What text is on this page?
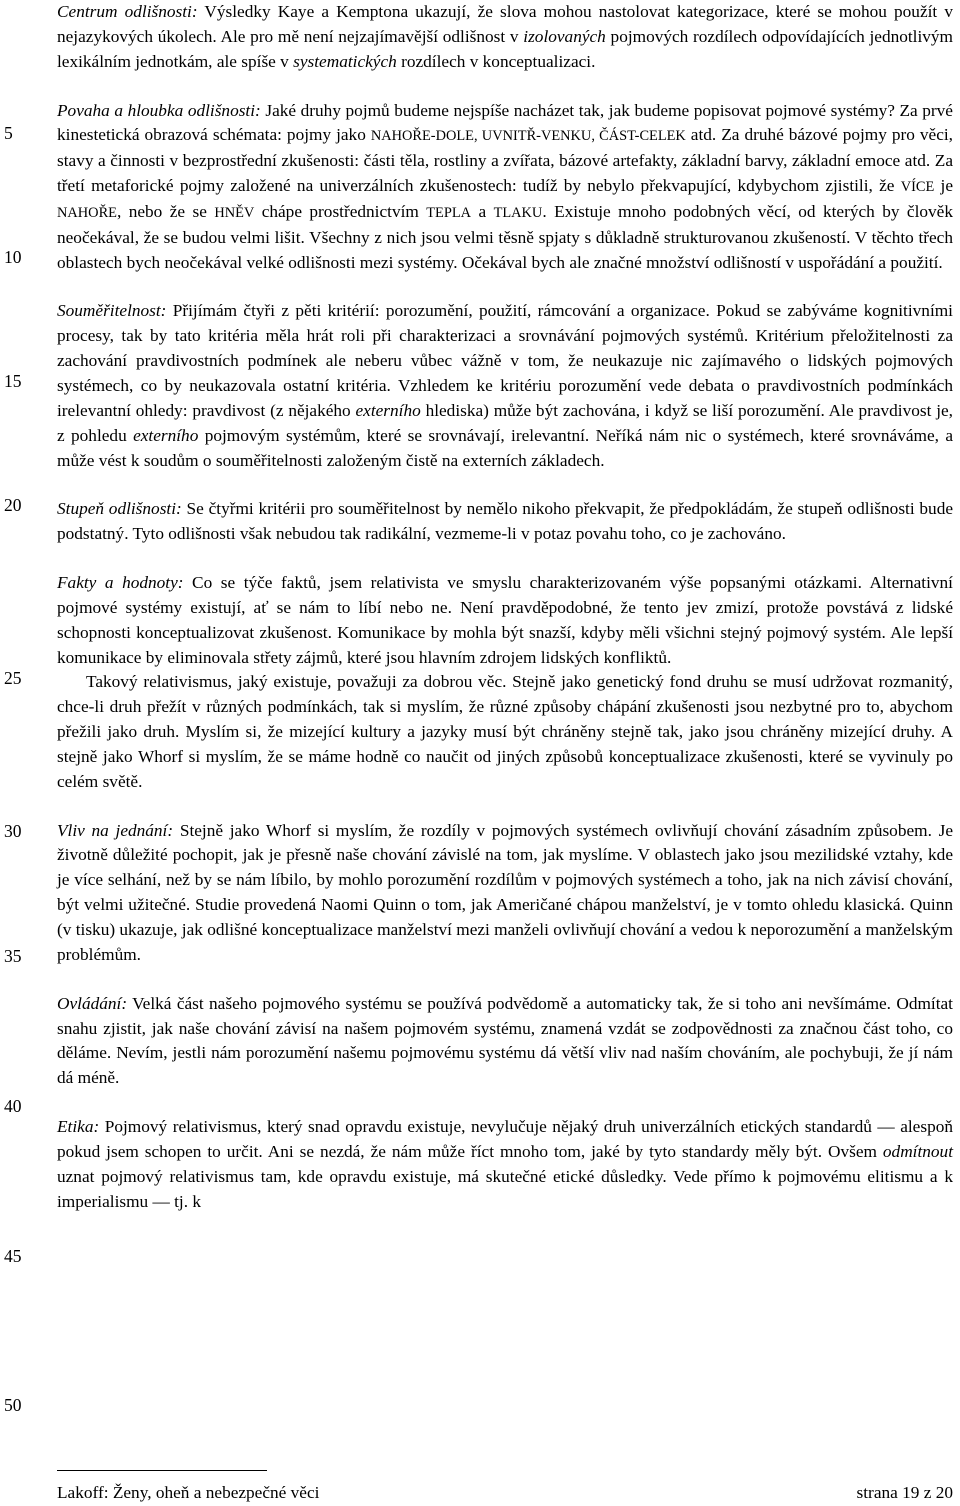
5
10
15
20
25
30
35
40
45
50

Centrum odlišnosti: Výsledky Kaye a Kemptona ukazují, že slova mohou nastolovat kategorizace, které se mohou použít v nejazykových úkolech. Ale pro mě není nejzajímavější odlišnost v izolovaných pojmových rozdílech odpovídajících jednotlivým lexikálním jednotkám, ale spíše v systematických rozdílech v konceptualizaci.

Povaha a hloubka odlišnosti: Jaké druhy pojmů budeme nejspíše nacházet tak, jak budeme popisovat pojmové systémy? Za prvé kinestetická obrazová schémata: pojmy jako NAHOŘE-DOLE, UVNITŘ-VENKU, ČÁST-CELEK atd. Za druhé bázové pojmy pro věci, stavy a činnosti v bezprostřední zkušenosti: části těla, rostliny a zvířata, bázové artefakty, základní barvy, základní emoce atd. Za třetí metaforické pojmy založené na univerzálních zkušenostech: tudíž by nebylo překvapující, kdybychom zjistili, že VÍCE je NAHOŘE, nebo že se HNĚV chápe prostřednictvím TEPLA a TLAKU. Existuje mnoho podobných věcí, od kterých by člověk neočekával, že se budou velmi lišit. Všechny z nich jsou velmi těsně spjaty s důkladně strukturovanou zkušeností. V těchto třech oblastech bych neočekával velké odlišnosti mezi systémy. Očekával bych ale značné množství odlišností v uspořádání a použití.

Souměřitelnost: Přijímám čtyři z pěti kritérií: porozumění, použití, rámcování a organizace. Pokud se zabýváme kognitivními procesy, tak by tato kritéria měla hrát roli při charakterizaci a srovnávání pojmových systémů. Kritérium přeložitelnosti za zachování pravdivostních podmínek ale neberu vůbec vážně v tom, že neukazuje nic zajímavého o lidských pojmových systémech, co by neukazovala ostatní kritéria. Vzhledem ke kritériu porozumění vede debata o pravdivostních podmínkách irelevantní ohledy: pravdivost (z nějakého externího hlediska) může být zachována, i když se liší porozumění. Ale pravdivost je, z pohledu externího pojmovým systémům, které se srovnávají, irelevantní. Neříká nám nic o systémech, které srovnáváme, a může vést k soudům o souměřitelnosti založeným čistě na externích základech.

Stupeň odlišnosti: Se čtyřmi kritérii pro souměřitelnost by nemělo nikoho překvapit, že předpokládám, že stupeň odlišnosti bude podstatný. Tyto odlišnosti však nebudou tak radikální, vezmeme-li v potaz povahu toho, co je zachováno.

Fakty a hodnoty: Co se týče faktů, jsem relativista ve smyslu charakterizovaném výše popsanými otázkami. Alternativní pojmové systémy existují, ať se nám to líbí nebo ne. Není pravděpodobné, že tento jev zmizí, protože povstává z lidské schopnosti konceptualizovat zkušenost. Komunikace by mohla být snazší, kdyby měli všichni stejný pojmový systém. Ale lepší komunikace by eliminovala střety zájmů, které jsou hlavním zdrojem lidských konfliktů.

Takový relativismus, jaký existuje, považuji za dobrou věc. Stejně jako genetický fond druhu se musí udržovat rozmanitý, chce-li druh přežít v různých podmínkách, tak si myslím, že různé způsoby chápání zkušenosti jsou nezbytné pro to, abychom přežili jako druh. Myslím si, že mizející kultury a jazyky musí být chráněny stejně tak, jako jsou chráněny mizející druhy. A stejně jako Whorf si myslím, že se máme hodně co naučit od jiných způsobů konceptualizace zkušenosti, které se vyvinuly po celém světě.

Vliv na jednání: Stejně jako Whorf si myslím, že rozdíly v pojmových systémech ovlivňují chování zásadním způsobem. Je životně důležité pochopit, jak je přesně naše chování závislé na tom, jak myslíme. V oblastech jako jsou mezilidské vztahy, kde je více selhání, než by se nám líbilo, by mohlo porozumění rozdílům v pojmových systémech a toho, jak na nich závisí chování, být velmi užitečné. Studie provedená Naomi Quinn o tom, jak Američané chápou manželství, je v tomto ohledu klasická. Quinn (v tisku) ukazuje, jak odlišné konceptualizace manželství mezi manželi ovlivňují chování a vedou k neporozumění a manželským problémům.

Ovládání: Velká část našeho pojmového systému se používá podvědomě a automaticky tak, že si toho ani nevšímáme. Odmítat snahu zjistit, jak naše chování závisí na našem pojmovém systému, znamená vzdát se zodpovědnosti za značnou část toho, co děláme. Nevím, jestli nám porozumění našemu pojmovému systému dá větší vliv nad naším chováním, ale pochybuji, že jí nám dá méně.

Etika: Pojmový relativismus, který snad opravdu existuje, nevylučuje nějaký druh univerzálních etických standardů — alespoň pokud jsem schopen to určit. Ani se nezdá, že nám může říct mnoho tom, jaké by tyto standardy měly být. Ovšem odmítnout uznat pojmový relativismus tam, kde opravdu existuje, má skutečné etické důsledky. Vede přímo k pojmovému elitismu a k imperialismu — tj. k

Lakoff: Ženy, oheň a nebezpečné věci	strana 19 z 20
